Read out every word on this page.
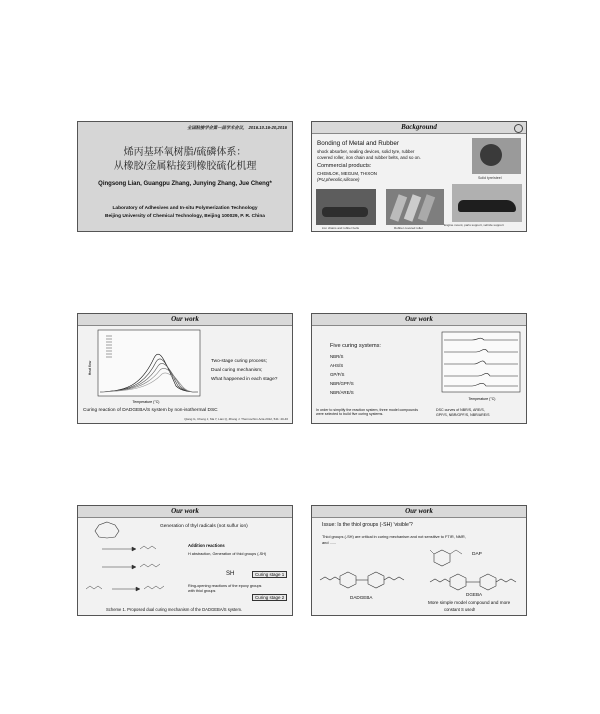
全国粘接学会第一届学术会议， 2016.10.16-20,2016
烯丙基环氧树脂/硫磷体系：
从橡胶/金属粘接到橡胶硫化机理
Qingsong Lian, Guangpu Zhang, Junying Zhang, Jue Cheng*
Laboratory of Adhesives and In-situ Polymerization Technology
Beijing University of Chemical Technology, Beijing 100029, P. R. China
Background
Bonding of Metal and Rubber
shock absorber, sealing devices, solid tyre, rubber
covered roller, iron chain and rubber belts, and so on.
Commercial products:
CHEMLOK, MEGUM, THIXON
(PU,phenolic,silicone)	Solid tyre/steel
iron chains and rubber belts	Rubber covered roller
Engine mount, parts support, vehicle support
Our work
Temperature (°C)
Heat flow	Two-stage curing process;
Dual curing mechanism;
What happened in each stage?
Curing reaction of DADGEBA/S system by non-isothermal DSC
Qiang G, Cheng J, Ma Y, Lian Q, Zhang J. Thermochim Acta 2012, 541: 40-46
Our work
Five curing systems:
NBR/S
AHS/S
GP/F/S
NBR/GPF/S
NBR/ARE/S
Temperature (°C)
In order to simplify the reaction system, three model compounds were selected to build five curing systems.
DSC curves of NBR/S, ARE/S,
GPF/S, NBR/GPF/S, NBR/ARE/S
Our work
Generation of thyl radicals (not sulfur ion)
Addition reactions
H abstraction, Generation of thiol groups (-SH)
SH	Curing stage 1
Ring-opening reactions of the epoxy groups with thiol groups
Curing stage 2
Scheme 1. Proposed dual curing mechanism of the DADGEBA/S system.
Our work
Issue: Is the thiol groups (-SH) 'visible'?
Thiol groups (-SH) are critical in curing mechanism and not sensitive to FTIR, NMR,
and ......
DAP
DADGEBA
DGEBA
More simple model compound and more
constant S used!
